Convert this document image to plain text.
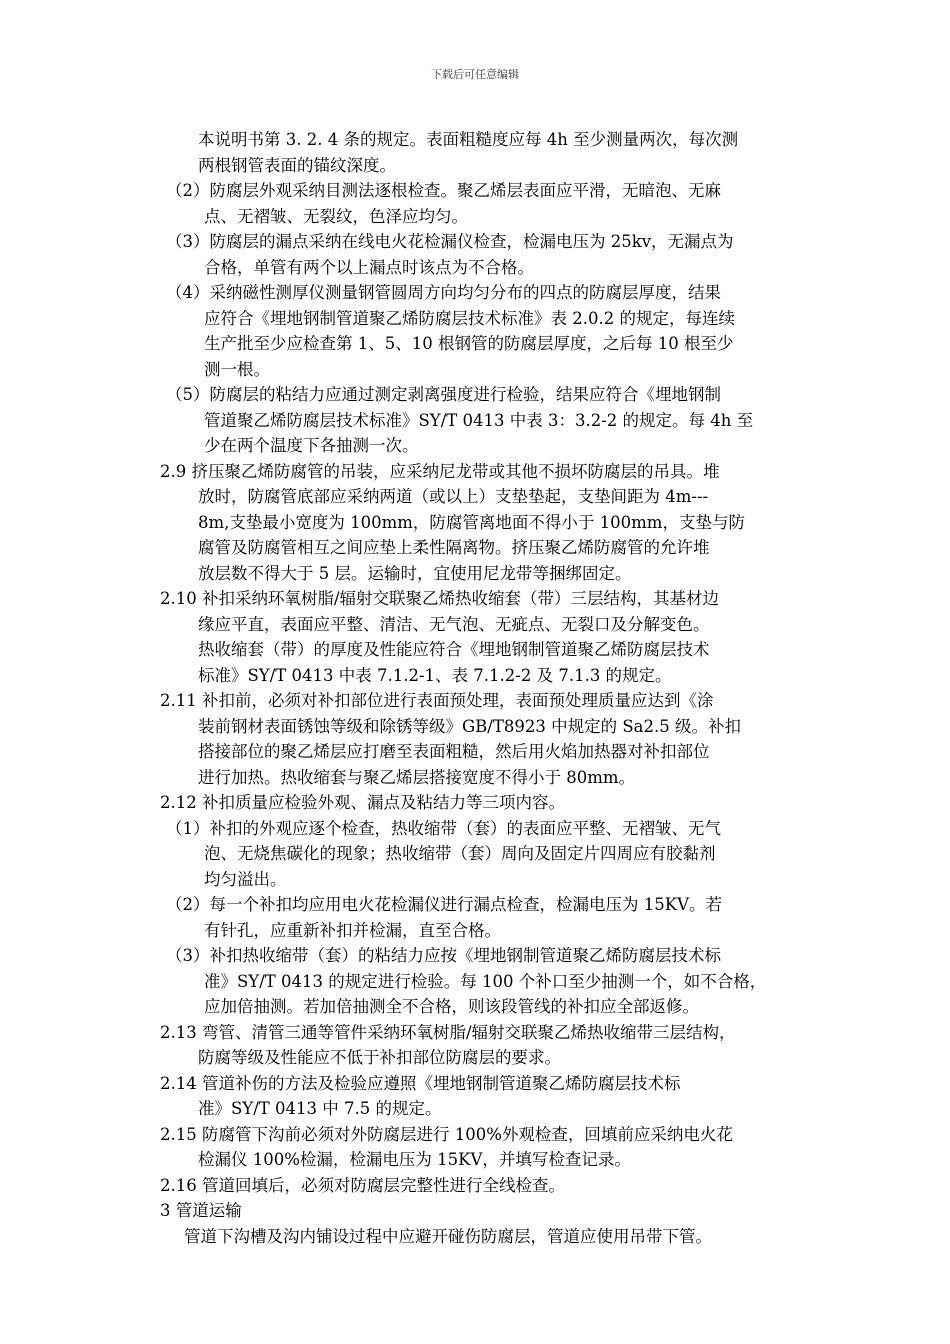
下载后可任意编辑

本说明书第 3. 2. 4 条的规定。表面粗糙度应每 4h 至少测量两次，每次测
两根钢管表面的锚纹深度。

（2）防腐层外观采纳目测法逐根检查。聚乙烯层表面应平滑，无暗泡、无麻
点、无褶皱、无裂纹，色泽应均匀。

（3）防腐层的漏点采纳在线电火花检漏仪检查，检漏电压为 25kv，无漏点为
合格，单管有两个以上漏点时该点为不合格。

（4）采纳磁性测厚仪测量钢管圆周方向均匀分布的四点的防腐层厚度，结果
应符合《埋地钢制管道聚乙烯防腐层技术标准》表 2.0.2 的规定，每连续
生产批至少应检查第 1、5、10 根钢管的防腐层厚度，之后每 10 根至少
测一根。

（5）防腐层的粘结力应通过测定剥离强度进行检验，结果应符合《埋地钢制
管道聚乙烯防腐层技术标准》SY/T 0413 中表 3：3.2-2 的规定。每 4h 至
少在两个温度下各抽测一次。

2.9 挤压聚乙烯防腐管的吊装，应采纳尼龙带或其他不损坏防腐层的吊具。堆
放时，防腐管底部应采纳两道（或以上）支垫垫起，支垫间距为 4m---
8m,支垫最小宽度为 100mm，防腐管离地面不得小于 100mm，支垫与防
腐管及防腐管相互之间应垫上柔性隔离物。挤压聚乙烯防腐管的允许堆
放层数不得大于 5 层。运输时，宜使用尼龙带等捆绑固定。

2.10 补扣采纳环氧树脂/辐射交联聚乙烯热收缩套（带）三层结构，其基材边
缘应平直，表面应平整、清洁、无气泡、无疵点、无裂口及分解变色。
热收缩套（带）的厚度及性能应符合《埋地钢制管道聚乙烯防腐层技术
标准》SY/T 0413 中表 7.1.2-1、表 7.1.2-2 及 7.1.3 的规定。

2.11 补扣前，必须对补扣部位进行表面预处理，表面预处理质量应达到《涂
装前钢材表面锈蚀等级和除锈等级》GB/T8923 中规定的 Sa2.5 级。补扣
搭接部位的聚乙烯层应打磨至表面粗糙，然后用火焰加热器对补扣部位
进行加热。热收缩套与聚乙烯层搭接宽度不得小于 80mm。

2.12 补扣质量应检验外观、漏点及粘结力等三项内容。

（1）补扣的外观应逐个检查，热收缩带（套）的表面应平整、无褶皱、无气
泡、无烧焦碳化的现象；热收缩带（套）周向及固定片四周应有胶黏剂
均匀溢出。

（2）每一个补扣均应用电火花检漏仪进行漏点检查，检漏电压为 15KV。若
有针孔，应重新补扣并检漏，直至合格。

（3）补扣热收缩带（套）的粘结力应按《埋地钢制管道聚乙烯防腐层技术标
准》SY/T 0413 的规定进行检验。每 100 个补口至少抽测一个，如不合格，
应加倍抽测。若加倍抽测全不合格，则该段管线的补扣应全部返修。

2.13 弯管、清管三通等管件采纳环氧树脂/辐射交联聚乙烯热收缩带三层结构，
防腐等级及性能应不低于补扣部位防腐层的要求。

2.14 管道补伤的方法及检验应遵照《埋地钢制管道聚乙烯防腐层技术标
准》SY/T 0413 中 7.5 的规定。

2.15 防腐管下沟前必须对外防腐层进行 100%外观检查，回填前应采纳电火花
检漏仪 100%检漏，检漏电压为 15KV，并填写检查记录。

2.16 管道回填后，必须对防腐层完整性进行全线检查。

3 管道运输

管道下沟槽及沟内铺设过程中应避开碰伤防腐层，管道应使用吊带下管。
